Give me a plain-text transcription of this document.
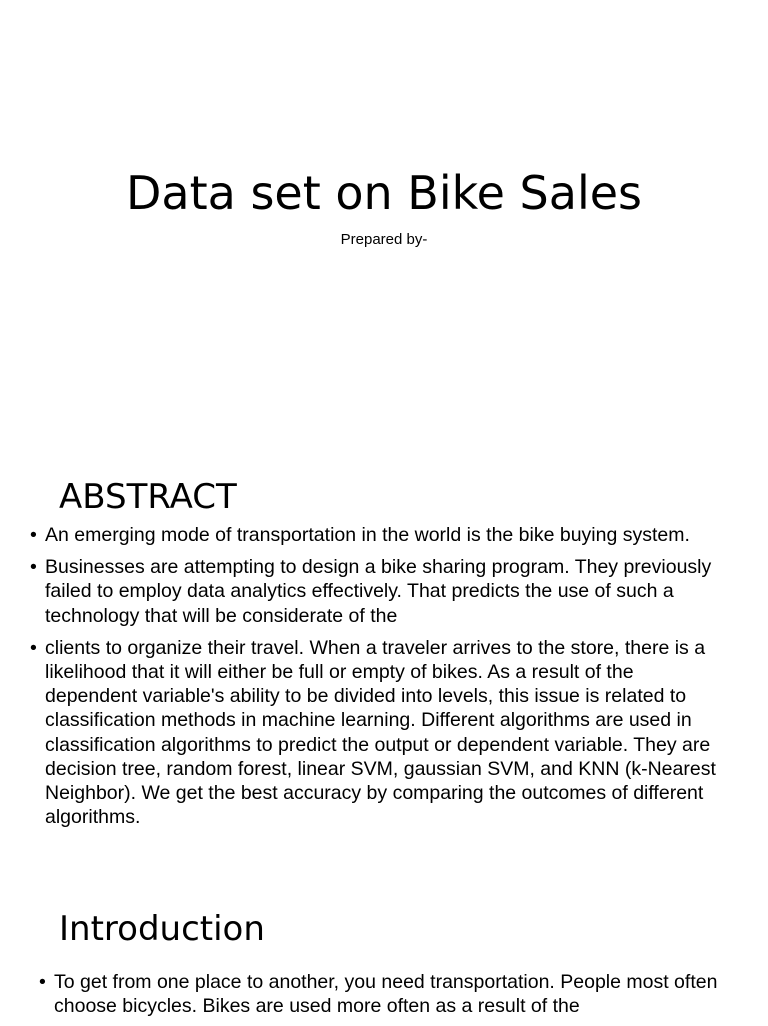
Data set on Bike Sales
Prepared by-
ABSTRACT
• An emerging mode of transportation in the world is the bike buying system.
• Businesses are attempting to design a bike sharing program. They previously failed to employ data analytics effectively. That predicts the use of such a technology that will be considerate of the
• clients to organize their travel. When a traveler arrives to the store, there is a likelihood that it will either be full or empty of bikes. As a result of the dependent variable's ability to be divided into levels, this issue is related to classification methods in machine learning. Different algorithms are used in classification algorithms to predict the output or dependent variable. They are decision tree, random forest, linear SVM, gaussian SVM, and KNN (k-Nearest Neighbor). We get the best accuracy by comparing the outcomes of different algorithms.
Introduction
• To get from one place to another, you need transportation. People most often choose bicycles. Bikes are used more often as a result of the
